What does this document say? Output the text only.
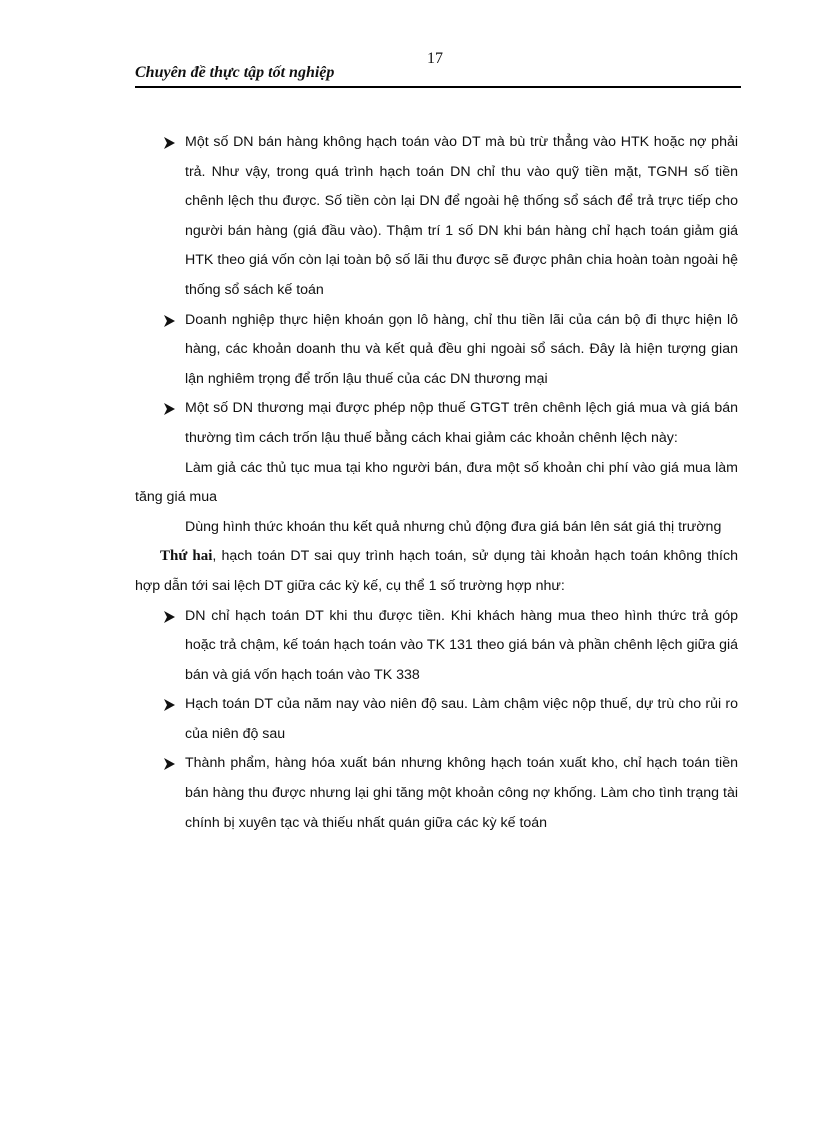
Chuyên đề thực tập tốt nghiệp
17
Một số DN bán hàng không hạch toán vào DT mà bù trừ thẳng vào HTK hoặc nợ phải trả. Như vậy, trong quá trình hạch toán DN chỉ thu vào quỹ tiền mặt, TGNH số tiền chênh lệch thu được. Số tiền còn lại DN để ngoài hệ thống sổ sách để trả trực tiếp cho người bán hàng (giá đầu vào). Thậm trí 1 số DN khi bán hàng chỉ hạch toán giảm giá HTK theo giá vốn còn lại toàn bộ số lãi thu được sẽ được phân chia hoàn toàn ngoài hệ thống sổ sách kế toán
Doanh nghiệp thực hiện khoán gọn lô hàng, chỉ thu tiền lãi của cán bộ đi thực hiện lô hàng, các khoản doanh thu và kết quả đều ghi ngoài sổ sách. Đây là hiện tượng gian lận nghiêm trọng để trốn lậu thuế của các DN thương mại
Một số DN thương mại được phép nộp thuế GTGT trên chênh lệch giá mua và giá bán thường tìm cách trốn lậu thuế bằng cách khai giảm các khoản chênh lệch này:
Làm giả các thủ tục mua tại kho người bán, đưa một số khoản chi phí vào giá mua làm tăng giá mua
Dùng hình thức khoán thu kết quả nhưng chủ động đưa giá bán lên sát giá thị trường
Thứ hai, hạch toán DT sai quy trình hạch toán, sử dụng tài khoản hạch toán không thích hợp dẫn tới sai lệch DT giữa các kỳ kế, cụ thể 1 số trường hợp như:
DN chỉ hạch toán DT khi thu được tiền. Khi khách hàng mua theo hình thức trả góp hoặc trả chậm, kế toán hạch toán vào TK 131 theo giá bán và phần chênh lệch giữa giá bán và giá vốn hạch toán vào TK 338
Hạch toán DT của năm nay vào niên độ sau. Làm chậm việc nộp thuế, dự trù cho rủi ro của niên độ sau
Thành phẩm, hàng hóa xuất bán nhưng không hạch toán xuất kho, chỉ hạch toán tiền bán hàng thu được nhưng lại ghi tăng một khoản công nợ khống. Làm cho tình trạng tài chính bị xuyên tạc và thiếu nhất quán giữa các kỳ kế toán
